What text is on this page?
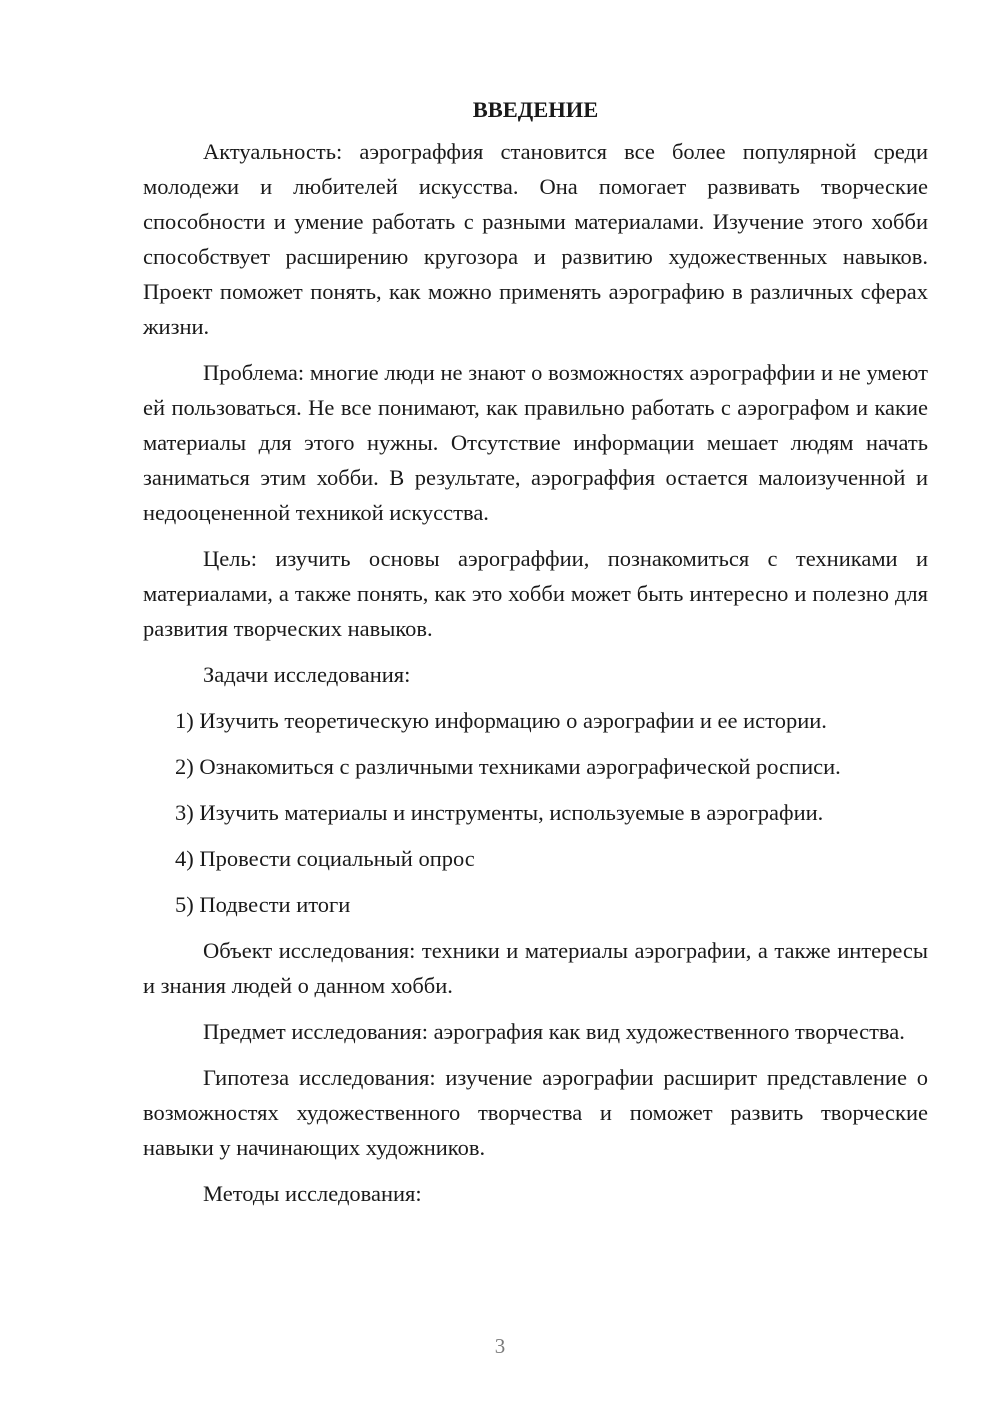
ВВЕДЕНИЕ

Актуальность: аэрограффия становится все более популярной среди молодежи и любителей искусства. Она помогает развивать творческие способности и умение работать с разными материалами. Изучение этого хобби способствует расширению кругозора и развитию художественных навыков. Проект поможет понять, как можно применять аэрографию в различных сферах жизни.

Проблема: многие люди не знают о возможностях аэрограффии и не умеют ей пользоваться. Не все понимают, как правильно работать с аэрографом и какие материалы для этого нужны. Отсутствие информации мешает людям начать заниматься этим хобби. В результате, аэрограффия остается малоизученной и недооцененной техникой искусства.

Цель: изучить основы аэрограффии, познакомиться с техниками и материалами, а также понять, как это хобби может быть интересно и полезно для развития творческих навыков.

Задачи исследования:
1) Изучить теоретическую информацию о аэрографии и ее истории.
2) Ознакомиться с различными техниками аэрографической росписи.
3) Изучить материалы и инструменты, используемые в аэрографии.
4) Провести социальный опрос
5) Подвести итоги

Объект исследования: техники и материалы аэрографии, а также интересы и знания людей о данном хобби.

Предмет исследования: аэрография как вид художественного творчества.

Гипотеза исследования: изучение аэрографии расширит представление о возможностях художественного творчества и поможет развить творческие навыки у начинающих художников.

Методы исследования:

3
